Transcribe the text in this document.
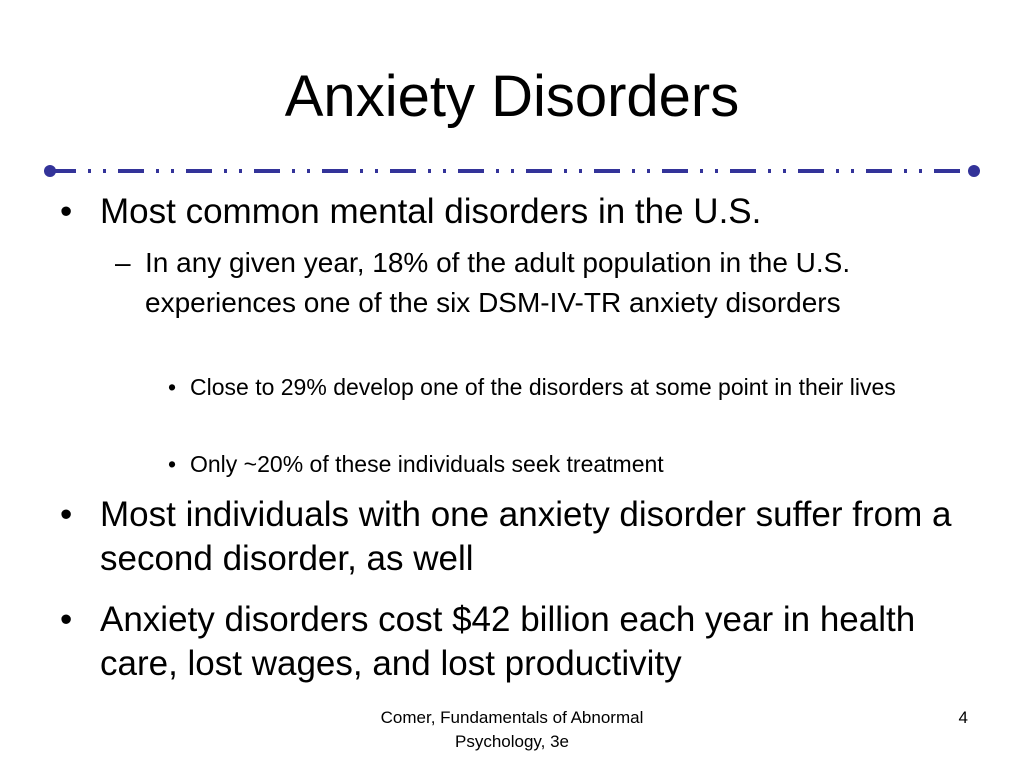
Anxiety Disorders
• Most common mental disorders in the U.S.
– In any given year, 18% of the adult population in the U.S. experiences one of the six DSM-IV-TR anxiety disorders
• Close to 29% develop one of the disorders at some point in their lives
• Only ~20% of these individuals seek treatment
• Most individuals with one anxiety disorder suffer from a second disorder, as well
• Anxiety disorders cost $42 billion each year in health care, lost wages, and lost productivity
Comer, Fundamentals of Abnormal Psychology, 3e
4
